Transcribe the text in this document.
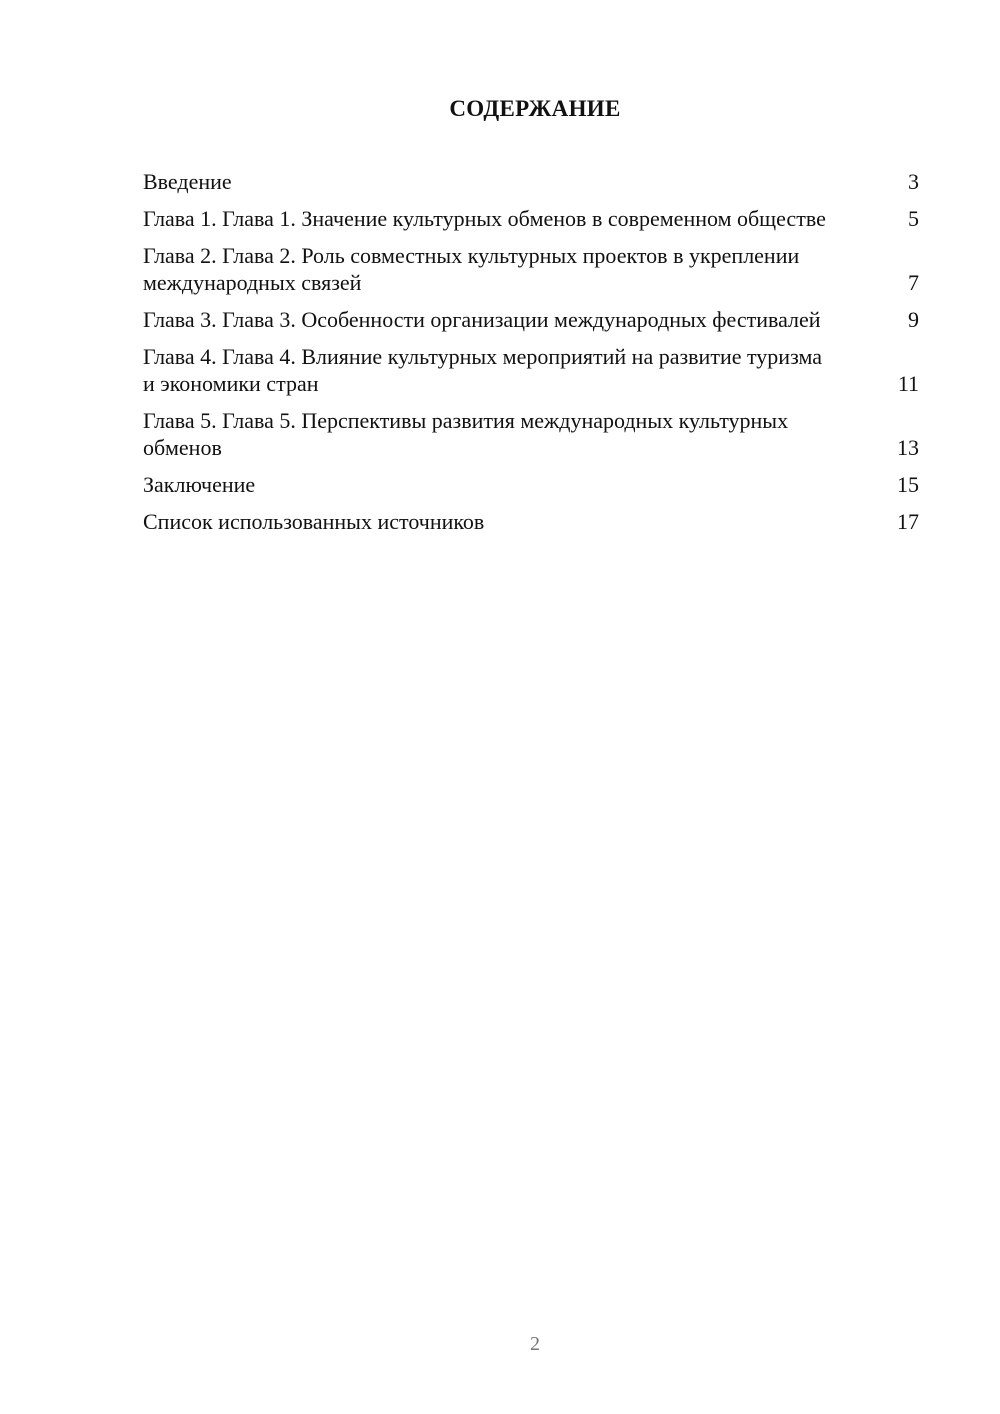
СОДЕРЖАНИЕ
Введение	3
Глава 1. Глава 1. Значение культурных обменов в современном обществе	5
Глава 2. Глава 2. Роль совместных культурных проектов в укреплении международных связей	7
Глава 3. Глава 3. Особенности организации международных фестивалей	9
Глава 4. Глава 4. Влияние культурных мероприятий на развитие туризма и экономики стран	11
Глава 5. Глава 5. Перспективы развития международных культурных обменов	13
Заключение	15
Список использованных источников	17
2
